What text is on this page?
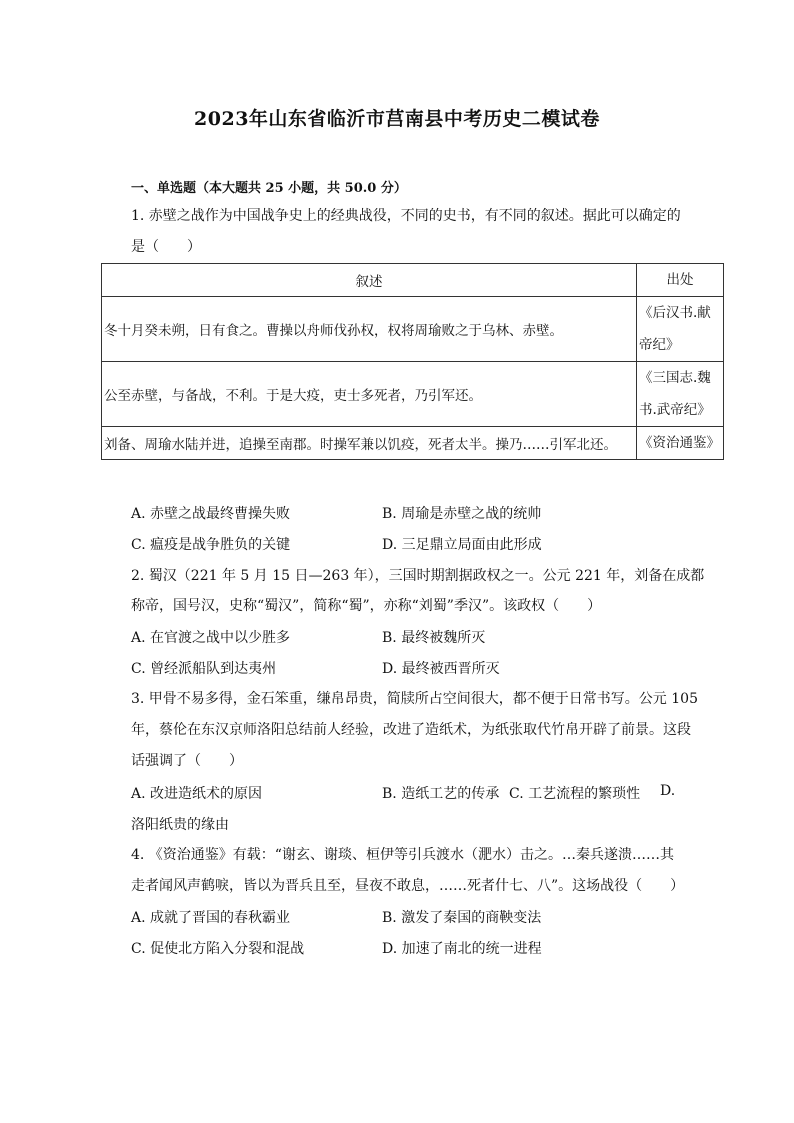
2023年山东省临沂市莒南县中考历史二模试卷
一、单选题（本大题共 25 小题，共 50.0 分）
1. 赤壁之战作为中国战争史上的经典战役，不同的史书，有不同的叙述。据此可以确定的
是（　　）
叙述	出处
冬十月癸未朔，日有食之。曹操以舟师伐孙权，权将周瑜败之于乌林、赤壁。	《后汉书.献帝纪》
公至赤壁，与备战，不利。于是大疫，吏士多死者，乃引军还。	《三国志.魏书.武帝纪》
刘备、周瑜水陆并进，追操至南郡。时操军兼以饥疫，死者太半。操乃……引军北还。	《资治通鉴》
A. 赤壁之战最终曹操失败	B. 周瑜是赤壁之战的统帅
C. 瘟疫是战争胜负的关键	D. 三足鼎立局面由此形成
2. 蜀汉（221 年 5 月 15 日—263 年），三国时期割据政权之一。公元 221 年，刘备在成都
称帝，国号汉，史称“蜀汉”，简称“蜀”，亦称“刘蜀”季汉”。该政权（　　）
A. 在官渡之战中以少胜多	B. 最终被魏所灭
C. 曾经派船队到达夷州	D. 最终被西晋所灭
3. 甲骨不易多得，金石笨重，缣帛昂贵，简牍所占空间很大，都不便于日常书写。公元 105
年，蔡伦在东汉京师洛阳总结前人经验，改进了造纸术，为纸张取代竹帛开辟了前景。这段
话强调了（　　）
A. 改进造纸术的原因	B. 造纸工艺的传承 C. 工艺流程的繁琐性 D.
洛阳纸贵的缘由
4. 《资治通鉴》有载：“谢玄、谢琰、桓伊等引兵渡水（淝水）击之。…秦兵遂溃……其
走者闻风声鹤唳，皆以为晋兵且至，昼夜不敢息，……死者什七、八”。这场战役（　　）
A. 成就了晋国的春秋霸业	B. 激发了秦国的商鞅变法
C. 促使北方陷入分裂和混战	D. 加速了南北的统一进程
